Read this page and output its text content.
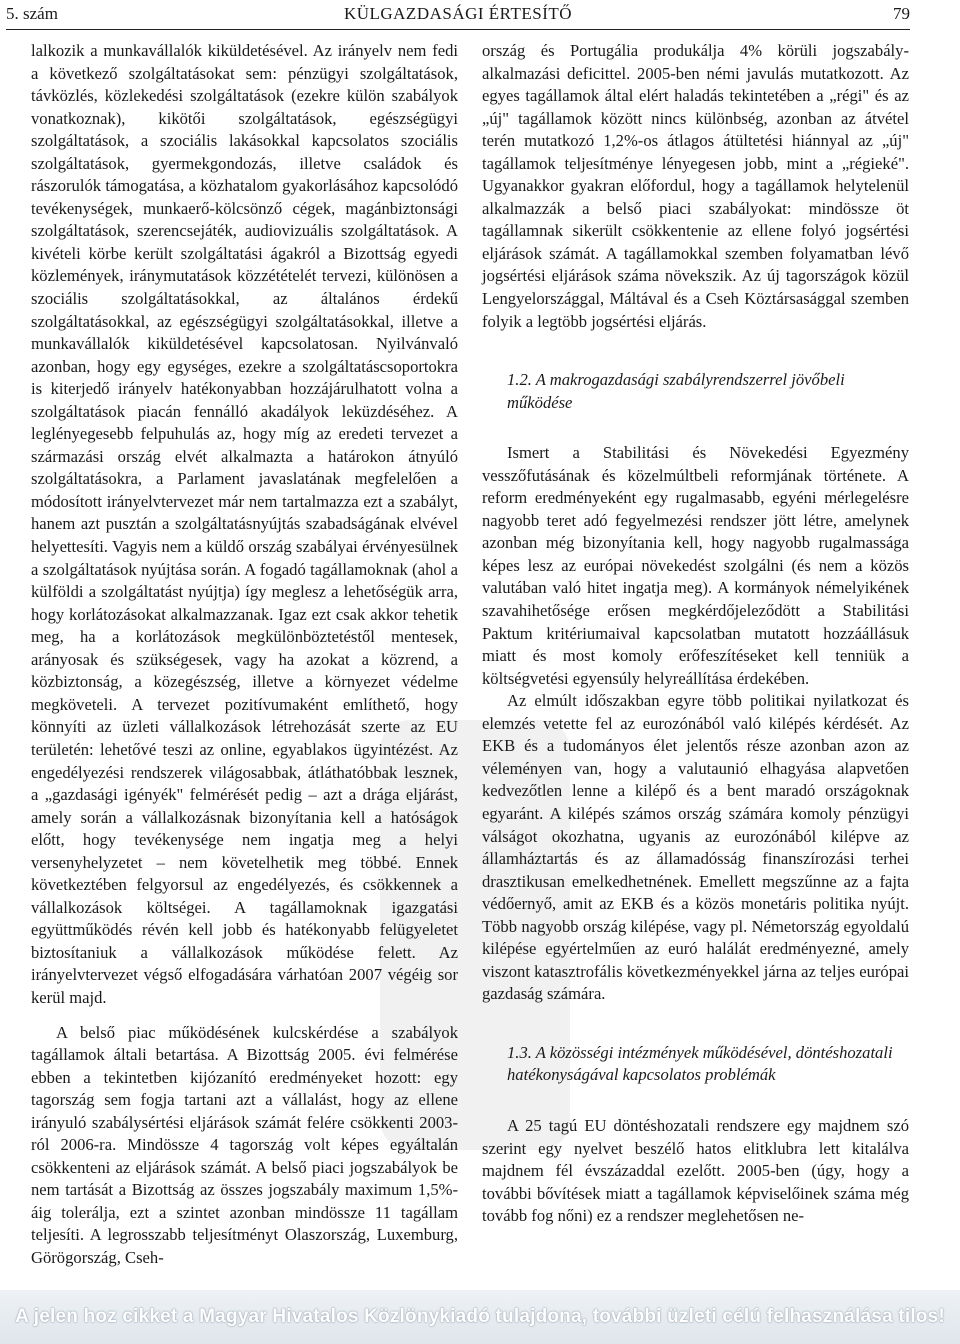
5. szám	KÜLGAZDASÁGI ÉRTESÍTŐ	79

lalkozik a munkavállalók kiküldetésével. Az irányelv nem fedi a következő szolgáltatásokat sem: pénzügyi szolgáltatások, távközlés, közlekedési szolgáltatások (ezekre külön szabályok vonatkoznak), kikötői szolgáltatások, egészségügyi szolgáltatások, a szociális lakásokkal kapcsolatos szociális szolgáltatások, gyermekgondozás, illetve családok és rászorulók támogatása, a közhatalom gyakorlásához kapcsolódó tevékenységek, munkaerő-kölcsönző cégek, magánbiztonsági szolgáltatások, szerencsejáték, audiovizuális szolgáltatások. A kivételi körbe került szolgáltatási ágakról a Bizottság egyedi közlemények, iránymutatások közzétételét tervezi, különösen a szociális szolgáltatásokkal, az általános érdekű szolgáltatásokkal, az egészségügyi szolgáltatásokkal, illetve a munkavállalók kiküldetésével kapcsolatosan. Nyilvánvaló azonban, hogy egy egységes, ezekre a szolgáltatáscsoportokra is kiterjedő irányelv hatékonyabban hozzájárulhatott volna a szolgáltatások piacán fennálló akadályok leküzdéséhez. A leglényegesebb felpuhulás az, hogy míg az eredeti tervezet a származási ország elvét alkalmazta a határokon átnyúló szolgáltatásokra, a Parlament javaslatának megfelelően a módosított irányelvtervezet már nem tartalmazza ezt a szabályt, hanem azt pusztán a szolgáltatásnyújtás szabadságának elvével helyettesíti. Vagyis nem a küldő ország szabályai érvényesülnek a szolgáltatások nyújtása során. A fogadó tagállamoknak (ahol a külföldi a szolgáltatást nyújtja) így meglesz a lehetőségük arra, hogy korlátozásokat alkalmazzanak. Igaz ezt csak akkor tehetik meg, ha a korlátozások megkülönböztetéstől mentesek, arányosak és szükségesek, vagy ha azokat a közrend, a közbiztonság, a közegészség, illetve a környezet védelme megköveteli. A tervezet pozitívumaként említhető, hogy könnyíti az üzleti vállalkozások létrehozását szerte az EU területén: lehetővé teszi az online, egyablakos ügyintézést. Az engedélyezési rendszerek világosabbak, átláthatóbbak lesznek, a „gazdasági igényék" felmérését pedig – azt a drága eljárást, amely során a vállalkozásnak bizonyítania kell a hatóságok előtt, hogy tevékenysége nem ingatja meg a helyi versenyhelyzetet – nem követelhetik meg többé. Ennek következtében felgyorsul az engedélyezés, és csökkennek a vállalkozások költségei. A tagállamoknak igazgatási együttműködés révén kell jobb és hatékonyabb felügyeletet biztosítaniuk a vállalkozások működése felett. Az irányelvtervezet végső elfogadására várhatóan 2007 végéig sor kerül majd.

A belső piac működésének kulcskérdése a szabályok tagállamok általi betartása. A Bizottság 2005. évi felmérése ebben a tekintetben kijózanító eredményeket hozott: egy tagország sem fogja tartani azt a vállalást, hogy az ellene irányuló szabálysértési eljárások számát felére csökkenti 2003-ról 2006-ra. Mindössze 4 tagország volt képes egyáltalán csökkenteni az eljárások számát. A belső piaci jogszabályok be nem tartását a Bizottság az összes jogszabály maximum 1,5%-áig tolerálja, ezt a szintet azonban mindössze 11 tagállam teljesíti. A legrosszabb teljesítményt Olaszország, Luxemburg, Görögország, Cseh-

ország és Portugália produkálja 4% körüli jogszabály-alkalmazási deficittel. 2005-ben némi javulás mutatkozott. Az egyes tagállamok által elért haladás tekintetében a „régi" és az „új" tagállamok között nincs különbség, azonban az átvétel terén mutatkozó 1,2%-os átlagos átültetési hiánnyal az „új" tagállamok teljesítménye lényegesen jobb, mint a „régieké". Ugyanakkor gyakran előfordul, hogy a tagállamok helytelenül alkalmazzák a belső piaci szabályokat: mindössze öt tagállamnak sikerült csökkentenie az ellene folyó jogsértési eljárások számát. A tagállamokkal szemben folyamatban lévő jogsértési eljárások száma növekszik. Az új tagországok közül Lengyelországgal, Máltával és a Cseh Köztársasággal szemben folyik a legtöbb jogsértési eljárás.

1.2. A makrogazdasági szabályrendszerrel jövőbeli működése

Ismert a Stabilitási és Növekedési Egyezmény vesszőfutásának és közelmúltbeli reformjának története. A reform eredményeként egy rugalmasabb, egyéni mérlegelésre nagyobb teret adó fegyelmezési rendszer jött létre, amelynek azonban még bizonyítania kell, hogy nagyobb rugalmassága képes lesz az európai növekedést szolgálni (és nem a közös valutában való hitet ingatja meg). A kormányok némelyikének szavahihetősége erősen megkérdőjeleződött a Stabilitási Paktum kritériumaival kapcsolatban mutatott hozzáállásuk miatt és most komoly erőfeszítéseket kell tenniük a költségvetési egyensúly helyreállítása érdekében.

Az elmúlt időszakban egyre több politikai nyilatkozat és elemzés vetette fel az eurozónából való kilépés kérdését. Az EKB és a tudományos élet jelentős része azonban azon az véleményen van, hogy a valutaunió elhagyása alapvetően kedvezőtlen lenne a kilépő és a bent maradó országoknak egyaránt. A kilépés számos ország számára komoly pénzügyi válságot okozhatna, ugyanis az eurozónából kilépve az államháztartás és az államadósság finanszírozási terhei drasztikusan emelkedhetnének. Emellett megszűnne az a fajta védőernyő, amit az EKB és a közös monetáris politika nyújt. Több nagyobb ország kilépése, vagy pl. Németország egyoldalú kilépése egyértelműen az euró halálát eredményezné, amely viszont katasztrofális következményekkel járna az teljes európai gazdaság számára.

1.3. A közösségi intézmények működésével, döntéshozatali hatékonyságával kapcsolatos problémák

A 25 tagú EU döntéshozatali rendszere egy majdnem szó szerint egy nyelvet beszélő hatos elitklubra lett kitalálva majdnem fél évszázaddal ezelőtt. 2005-ben (úgy, hogy a további bővítések miatt a tagállamok képviselőinek száma még tovább fog nőni) ez a rendszer meglehetősen ne-

A jelen hoz cikket a Magyar Hivatalos Közlönykiadó tulajdona, további üzleti célú felhasználása tilos!
